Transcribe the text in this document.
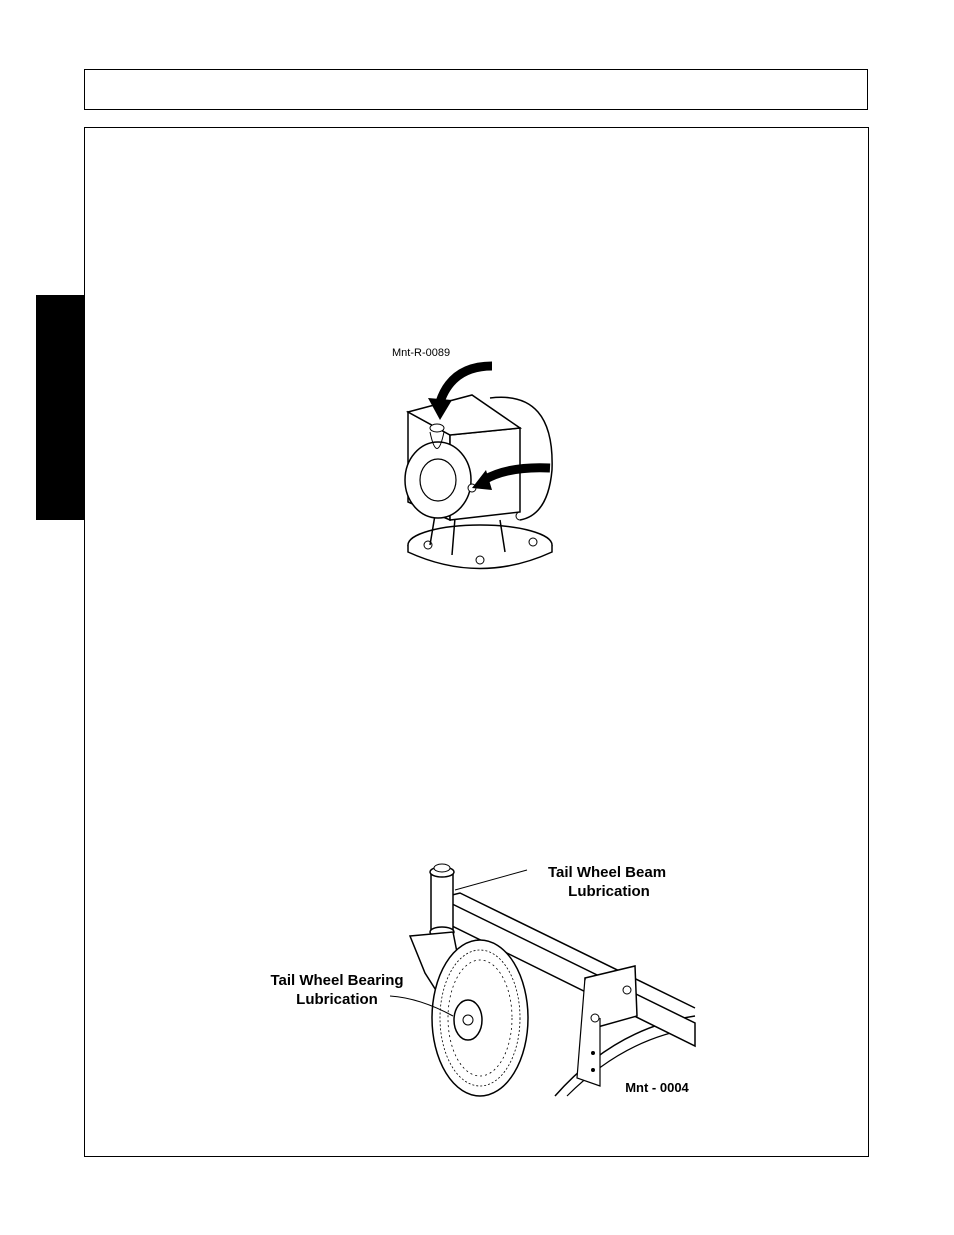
Mnt-R-0089
Tail Wheel Beam
Lubrication
Tail Wheel Bearing
Lubrication
Mnt - 0004
